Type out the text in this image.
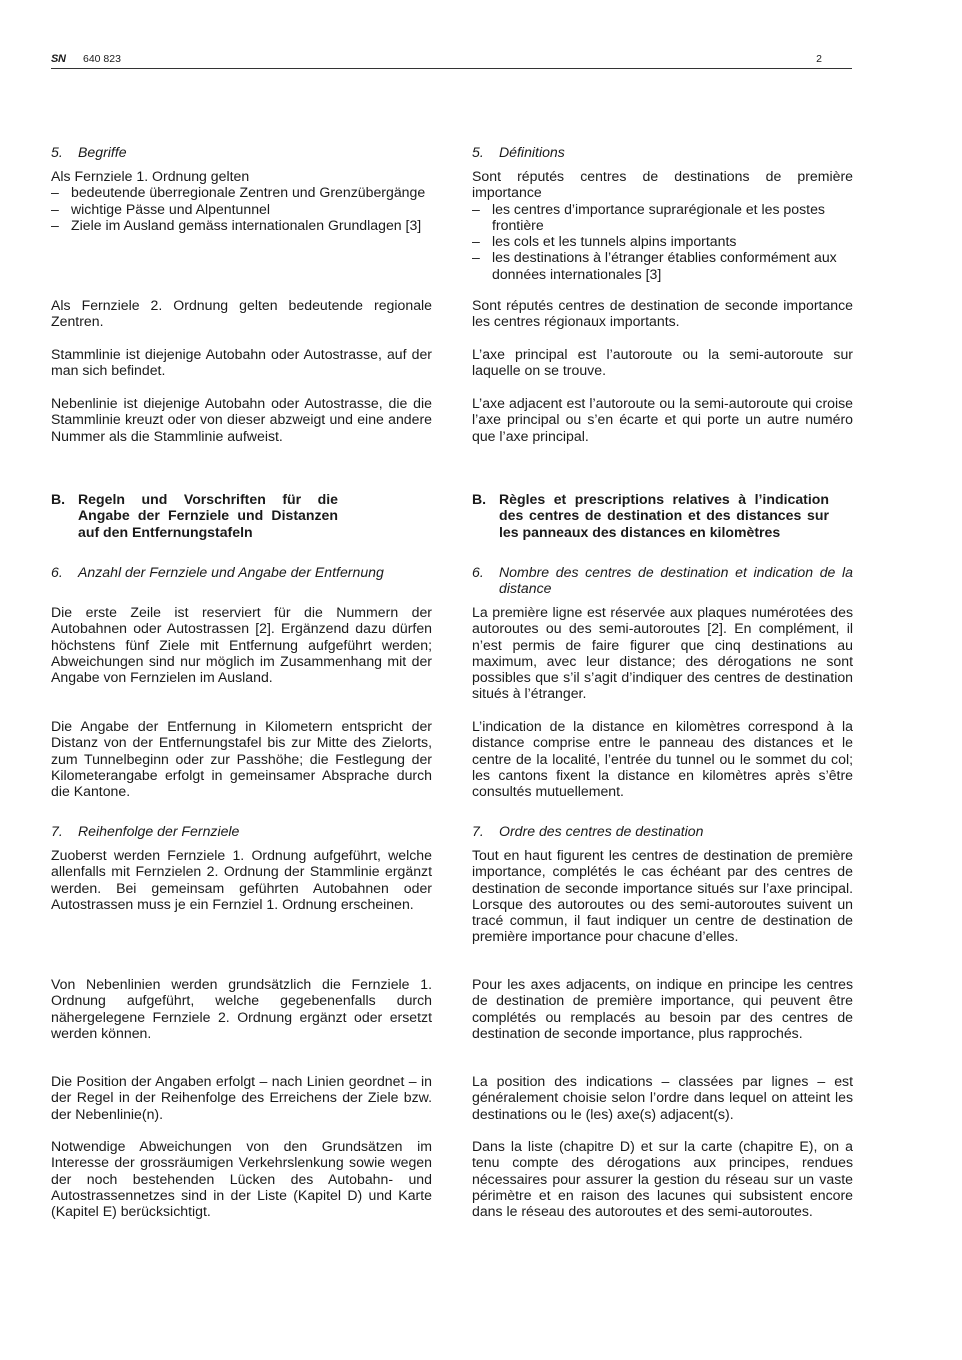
SN 640 823	2
5. Begriffe

Als Fernziele 1. Ordnung gelten

– bedeutende überregionale Zentren und Grenzübergänge
– wichtige Pässe und Alpentunnel
– Ziele im Ausland gemäss internationalen Grundlagen [3]

Als Fernziele 2. Ordnung gelten bedeutende regionale Zentren.

Stammlinie ist diejenige Autobahn oder Autostrasse, auf der man sich befindet.

Nebenlinie ist diejenige Autobahn oder Autostrasse, die die Stammlinie kreuzt oder von dieser abzweigt und eine andere Nummer als die Stammlinie aufweist.

B. Regeln und Vorschriften für die Angabe der Fernziele und Distanzen auf den Entfernungstafeln
6.	Anzahl der Fernziele und Angabe der Entfernung

Die erste Zeile ist reserviert für die Nummern der Autobahnen oder Autostrassen [2]. Ergänzend dazu dürfen höchstens fünf Ziele mit Entfernung aufgeführt werden; Abweichungen sind nur möglich im Zusammenhang mit der Angabe von Fernzielen im Ausland.

Die Angabe der Entfernung in Kilometern entspricht der Distanz von der Entfernungstafel bis zur Mitte des Zielorts, zum Tunnelbeginn oder zur Passhöhe; die Festlegung der Kilometerangabe erfolgt in gemeinsamer Absprache durch die Kantone.

7.	Reihenfolge der Fernziele

Zuoberst werden Fernziele 1. Ordnung aufgeführt, welche allenfalls mit Fernzielen 2. Ordnung der Stammlinie ergänzt werden. Bei gemeinsam geführten Autobahnen oder Autostrassen muss je ein Fernziel 1. Ordnung erscheinen.

Von Nebenlinien werden grundsätzlich die Fernziele 1. Ordnung aufgeführt, welche gegebenenfalls durch nähergelegene Fernziele 2. Ordnung ergänzt oder ersetzt werden können.

Die Position der Angaben erfolgt – nach Linien geordnet – in der Regel in der Reihenfolge des Erreichens der Ziele bzw. der Nebenlinie(n).

Notwendige Abweichungen von den Grundsätzen im Interesse der grossräumigen Verkehrslenkung sowie wegen der noch bestehenden Lücken des Autobahn- und Autostrassennetzes sind in der Liste (Kapitel D) und Karte (Kapitel E) berücksichtigt.

5. Définitions

Sont réputés centres de destinations de première importance

– les centres d’importance suprarégionale et les postes frontière
– les cols et les tunnels alpins importants
– les destinations à l’étranger établies conformément aux données internationales [3]

Sont réputés centres de destination de seconde importance les centres régionaux importants.

L’axe principal est l’autoroute ou la semi-autoroute sur laquelle on se trouve.

L’axe adjacent est l’autoroute ou la semi-autoroute qui croise l’axe principal ou s’en écarte et qui porte un autre numéro que l’axe principal.

B. Règles et prescriptions relatives à l’indication des centres de destination et des distances sur les panneaux des distances en kilomètres
6.	Nombre des centres de destination et indication de la distance

La première ligne est réservée aux plaques numérotées des autoroutes ou des semi-autoroutes [2]. En complément, il n’est permis de faire figurer que cinq destinations au maximum, avec leur distance; des dérogations ne sont possibles que s’il s’agit d’indiquer des centres de destination situés à l’étranger.

L’indication de la distance en kilomètres correspond à la distance comprise entre le panneau des distances et le centre de la localité, l’entrée du tunnel ou le sommet du col; les cantons fixent la distance en kilomètres après s’être consultés mutuellement.

7.	Ordre des centres de destination

Tout en haut figurent les centres de destination de première importance, complétés le cas échéant par des centres de destination de seconde importance situés sur l’axe principal. Lorsque des autoroutes ou des semi-autoroutes suivent un tracé commun, il faut indiquer un centre de destination de première importance pour chacune d’elles.

Pour les axes adjacents, on indique en principe les centres de destination de première importance, qui peuvent être complétés ou remplacés au besoin par des centres de destination de seconde importance, plus rapprochés.

La position des indications – classées par lignes – est généralement choisie selon l’ordre dans lequel on atteint les destinations ou le (les) axe(s) adjacent(s).

Dans la liste (chapitre D) et sur la carte (chapitre E), on a tenu compte des dérogations aux principes, rendues nécessaires pour assurer la gestion du réseau sur un vaste périmètre et en raison des lacunes qui subsistent encore dans le réseau des autoroutes et des semi-autoroutes.
